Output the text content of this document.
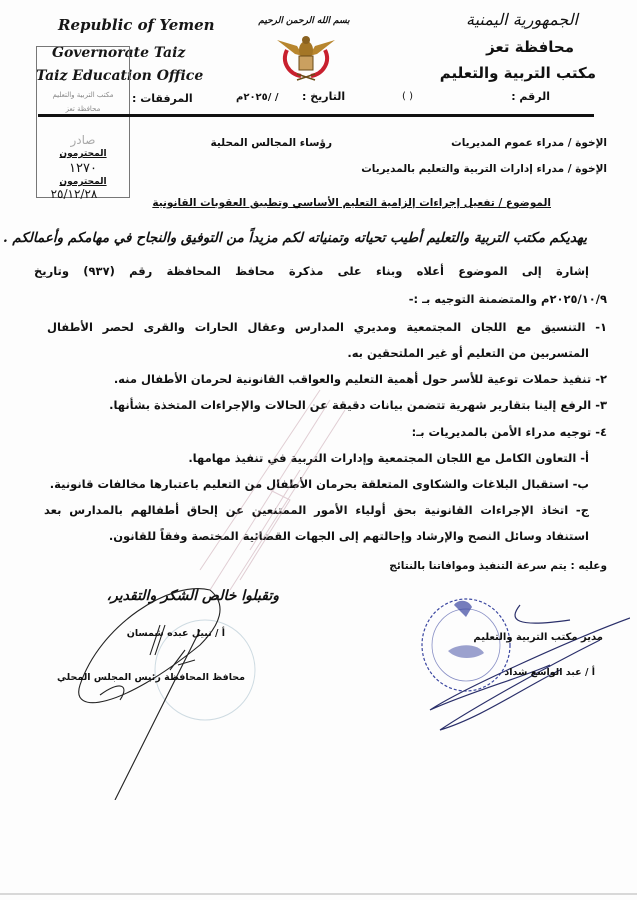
Republic of Yemen
Governorate Taiz
Taiz Education Office
المرفقات :
مكتب التربية والتعليم
محافظة تعز
صادر
المحترمون
١٢٧٠
المحترمون
٢٥/١٢/٢٨
بسم الله الرحمن الرحيم
التاريخ :
/ /٢٠٢٥م
الجمهورية اليمنية
محافظة تعز
مكتب التربية والتعليم
الرقم :
( )
الإخوة / مدراء عموم المديريات
رؤساء المجالس المحلية
الإخوة / مدراء إدارات التربية والتعليم بالمديريات
الموضوع / تفعيل إجراءات إلزامية التعليم الأساسي وتطبيق العقوبات القانونية
يهديكم مكتب التربية والتعليم أطيب تحياته وتمنياته لكم مزيداً من التوفيق والنجاح في مهامكم وأعمالكم .
إشارة إلى الموضوع أعلاه وبناء على مذكرة محافظ المحافظة رقم (٩٣٧) وتاريخ
٢٠٢٥/١٠/٩م والمتضمنة التوجيه بـ :-
١- التنسيق مع اللجان المجتمعية ومديري المدارس وعقال الحارات والقرى لحصر الأطفال
المتسربين من التعليم أو غير الملتحقين به.
٢- تنفيذ حملات توعية للأسر حول أهمية التعليم والعواقب القانونية لحرمان الأطفال منه.
٣- الرفع إلينا بتقارير شهرية تتضمن بيانات دقيقة عن الحالات والإجراءات المتخذة بشأنها.
٤- توجيه مدراء الأمن بالمديريات بـ:
أ- التعاون الكامل مع اللجان المجتمعية وإدارات التربية في تنفيذ مهامها.
ب- استقبال البلاغات والشكاوى المتعلقة بحرمان الأطفال من التعليم باعتبارها مخالفات قانونية.
ج- اتخاذ الإجراءات القانونية بحق أولياء الأمور الممتنعين عن إلحاق أطفالهم بالمدارس بعد
استنفاد وسائل النصح والإرشاد وإحالتهم إلى الجهات القضائية المختصة وفقاً للقانون.
وعليه : يتم سرعة التنفيذ وموافاتنا بالنتائج
وتقبلوا خالص الشكر والتقدير،
مدير مكتب التربية والتعليم
أ / عبد الواسع شداد
أ / نبيل عبده شمسان
محافظ المحافظة رئيس المجلس المحلي
